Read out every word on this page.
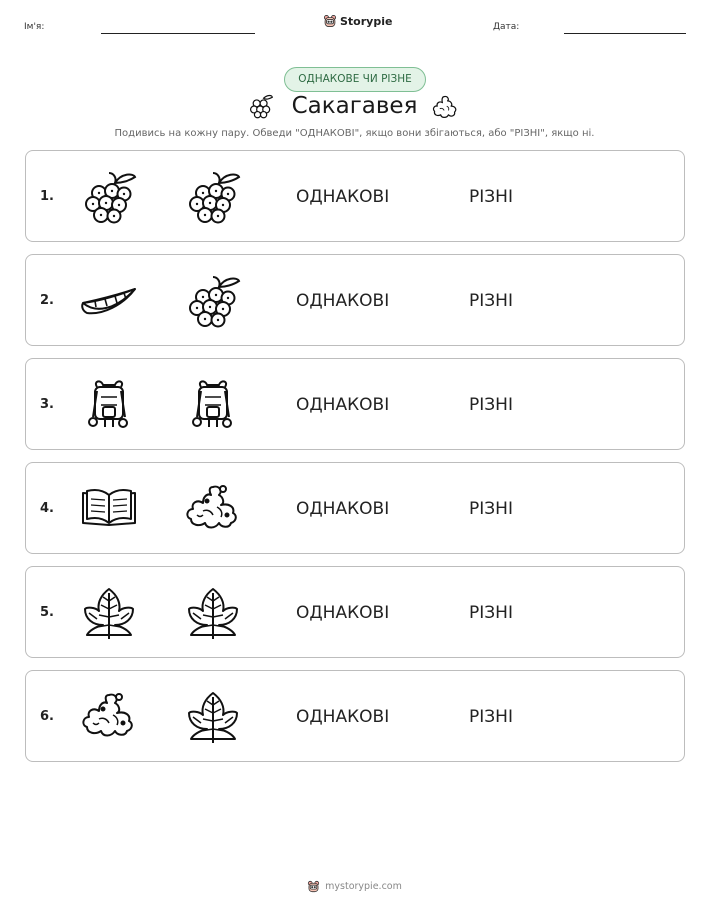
Ім'я:	Storypie	Дата:
ОДНАКОВЕ ЧИ РІЗНЕ
Сакагавея
Подивись на кожну пару. Обведи "ОДНАКОВІ", якщо вони збігаються, або "РІЗНІ", якщо ні.
1.	ОДНАКОВІ	РІЗНІ
2.	ОДНАКОВІ	РІЗНІ
3.	ОДНАКОВІ	РІЗНІ
4.	ОДНАКОВІ	РІЗНІ
5.	ОДНАКОВІ	РІЗНІ
6.	ОДНАКОВІ	РІЗНІ
mystorypie.com
